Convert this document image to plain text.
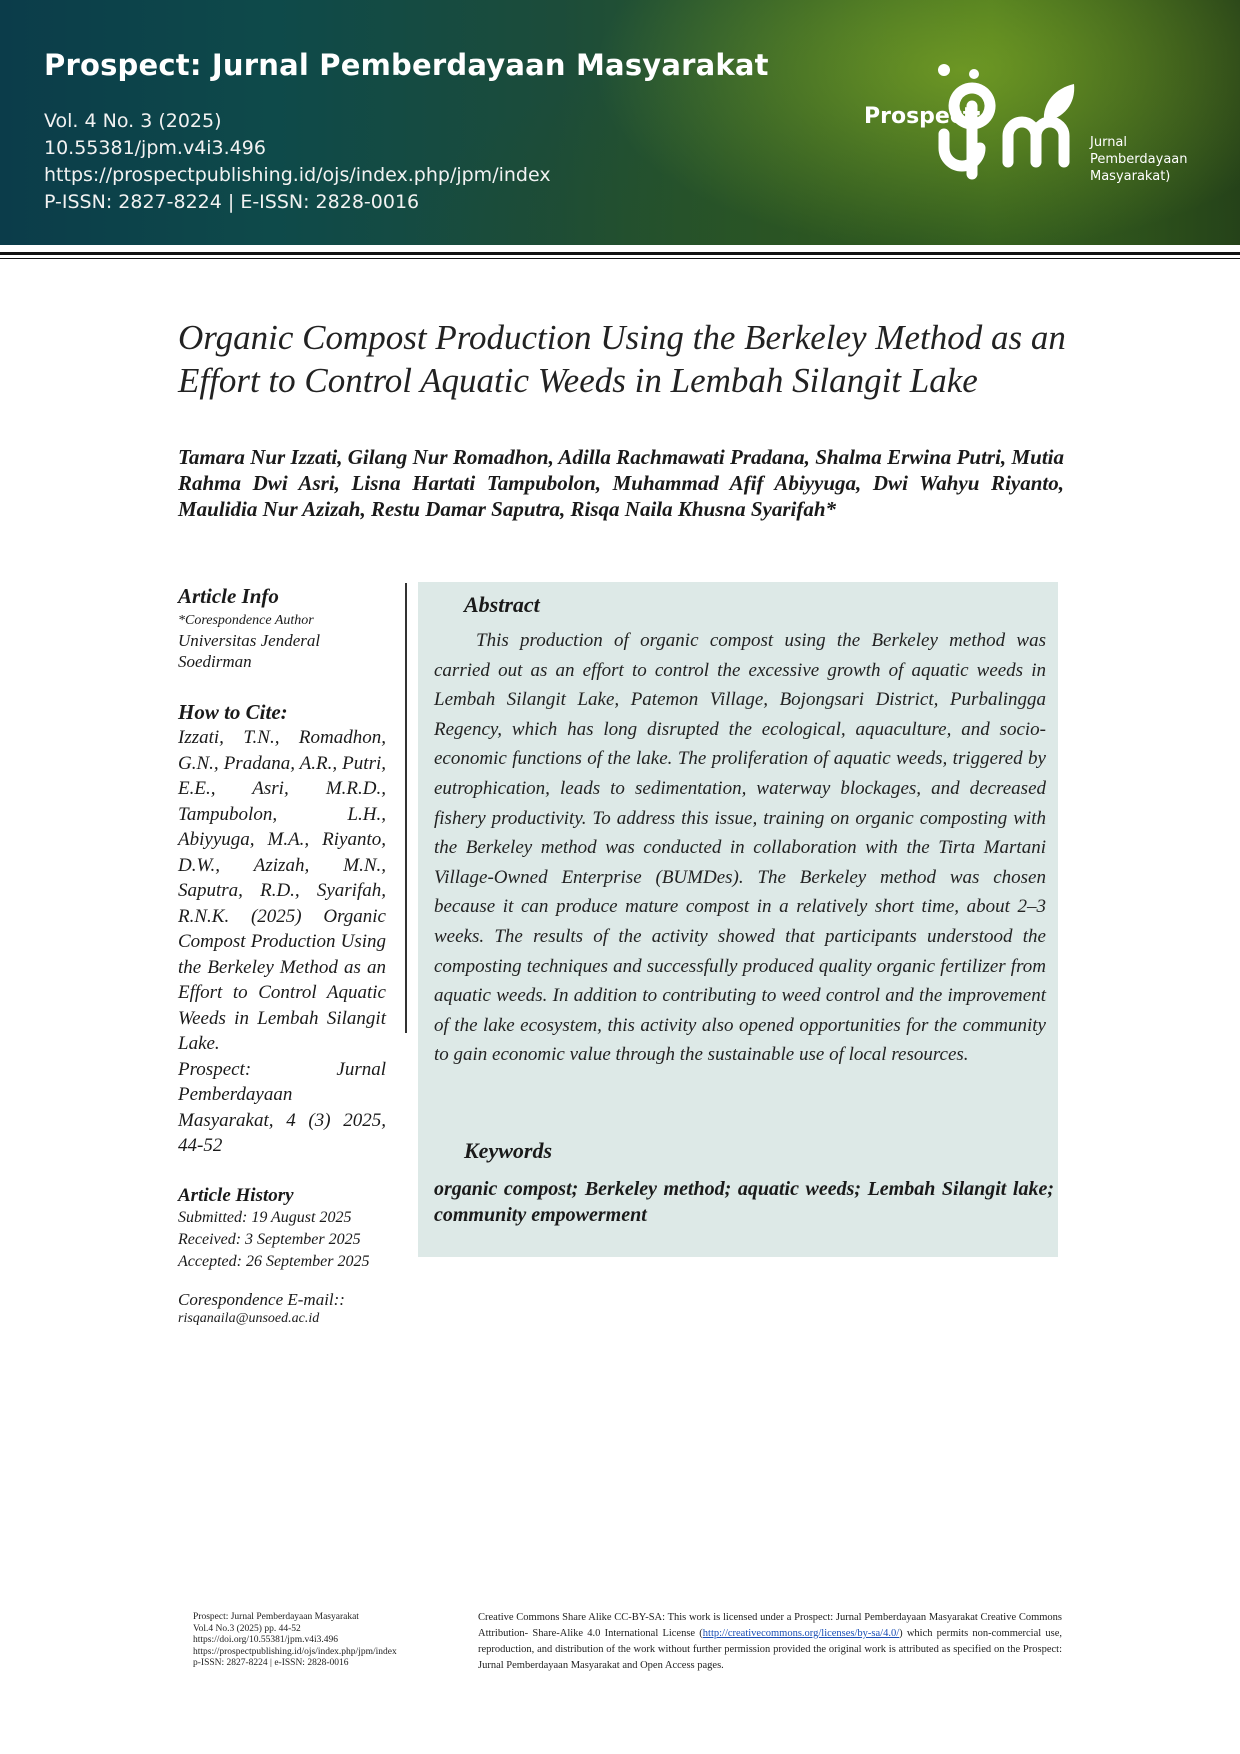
Prospect: Jurnal Pemberdayaan Masyarakat
Vol. 4 No. 3 (2025)
10.55381/jpm.v4i3.496
https://prospectpublishing.id/ojs/index.php/jpm/index
P-ISSN: 2827-8224 | E-ISSN: 2828-0016
Prospect:
Jurnal
Pemberdayaan
Masyarakat)
Organic Compost Production Using the Berkeley Method as an Effort to Control Aquatic Weeds in Lembah Silangit Lake

Tamara Nur Izzati, Gilang Nur Romadhon, Adilla Rachmawati Pradana, Shalma Erwina Putri, Mutia Rahma Dwi Asri, Lisna Hartati Tampubolon, Muhammad Afif Abiyyuga, Dwi Wahyu Riyanto, Maulidia Nur Azizah, Restu Damar Saputra, Risqa Naila Khusna Syarifah*

Article Info
*Corespondence Author
Universitas Jenderal Soedirman
How to Cite:
Izzati, T.N., Romadhon, G.N., Pradana, A.R., Putri, E.E., Asri, M.R.D., Tampubolon, L.H., Abiyyuga, M.A., Riyanto, D.W., Azizah, M.N., Saputra, R.D., Syarifah, R.N.K. (2025) Organic Compost Production Using the Berkeley Method as an Effort to Control Aquatic Weeds in Lembah Silangit Lake.
Prospect: Jurnal Pemberdayaan Masyarakat, 4 (3) 2025, 44-52
Article History
Submitted: 19 August 2025
Received: 3 September 2025
Accepted: 26 September 2025
Corespondence E-mail::
risqanaila@unsoed.ac.id
Abstract

This production of organic compost using the Berkeley method was carried out as an effort to control the excessive growth of aquatic weeds in Lembah Silangit Lake, Patemon Village, Bojongsari District, Purbalingga Regency, which has long disrupted the ecological, aquaculture, and socio-economic functions of the lake. The proliferation of aquatic weeds, triggered by eutrophication, leads to sedimentation, waterway blockages, and decreased fishery productivity. To address this issue, training on organic composting with the Berkeley method was conducted in collaboration with the Tirta Martani Village-Owned Enterprise (BUMDes). The Berkeley method was chosen because it can produce mature compost in a relatively short time, about 2–3 weeks. The results of the activity showed that participants understood the composting techniques and successfully produced quality organic fertilizer from aquatic weeds. In addition to contributing to weed control and the improvement of the lake ecosystem, this activity also opened opportunities for the community to gain economic value through the sustainable use of local resources.

Keywords

organic compost; Berkeley method; aquatic weeds; Lembah Silangit lake; community empowerment

Prospect: Jurnal Pemberdayaan Masyarakat
Vol.4 No.3 (2025) pp. 44-52
https://doi.org/10.55381/jpm.v4i3.496
https://prospectpublishing.id/ojs/index.php/jpm/index
p-ISSN: 2827-8224 | e-ISSN: 2828-0016
Creative Commons Share Alike CC-BY-SA: This work is licensed under a Prospect: Jurnal Pemberdayaan Masyarakat Creative Commons Attribution- Share-Alike 4.0 International License (http://creativecommons.org/licenses/by-sa/4.0/) which permits non-commercial use, reproduction, and distribution of the work without further permission provided the original work is attributed as specified on the Prospect: Jurnal Pemberdayaan Masyarakat and Open Access pages.
